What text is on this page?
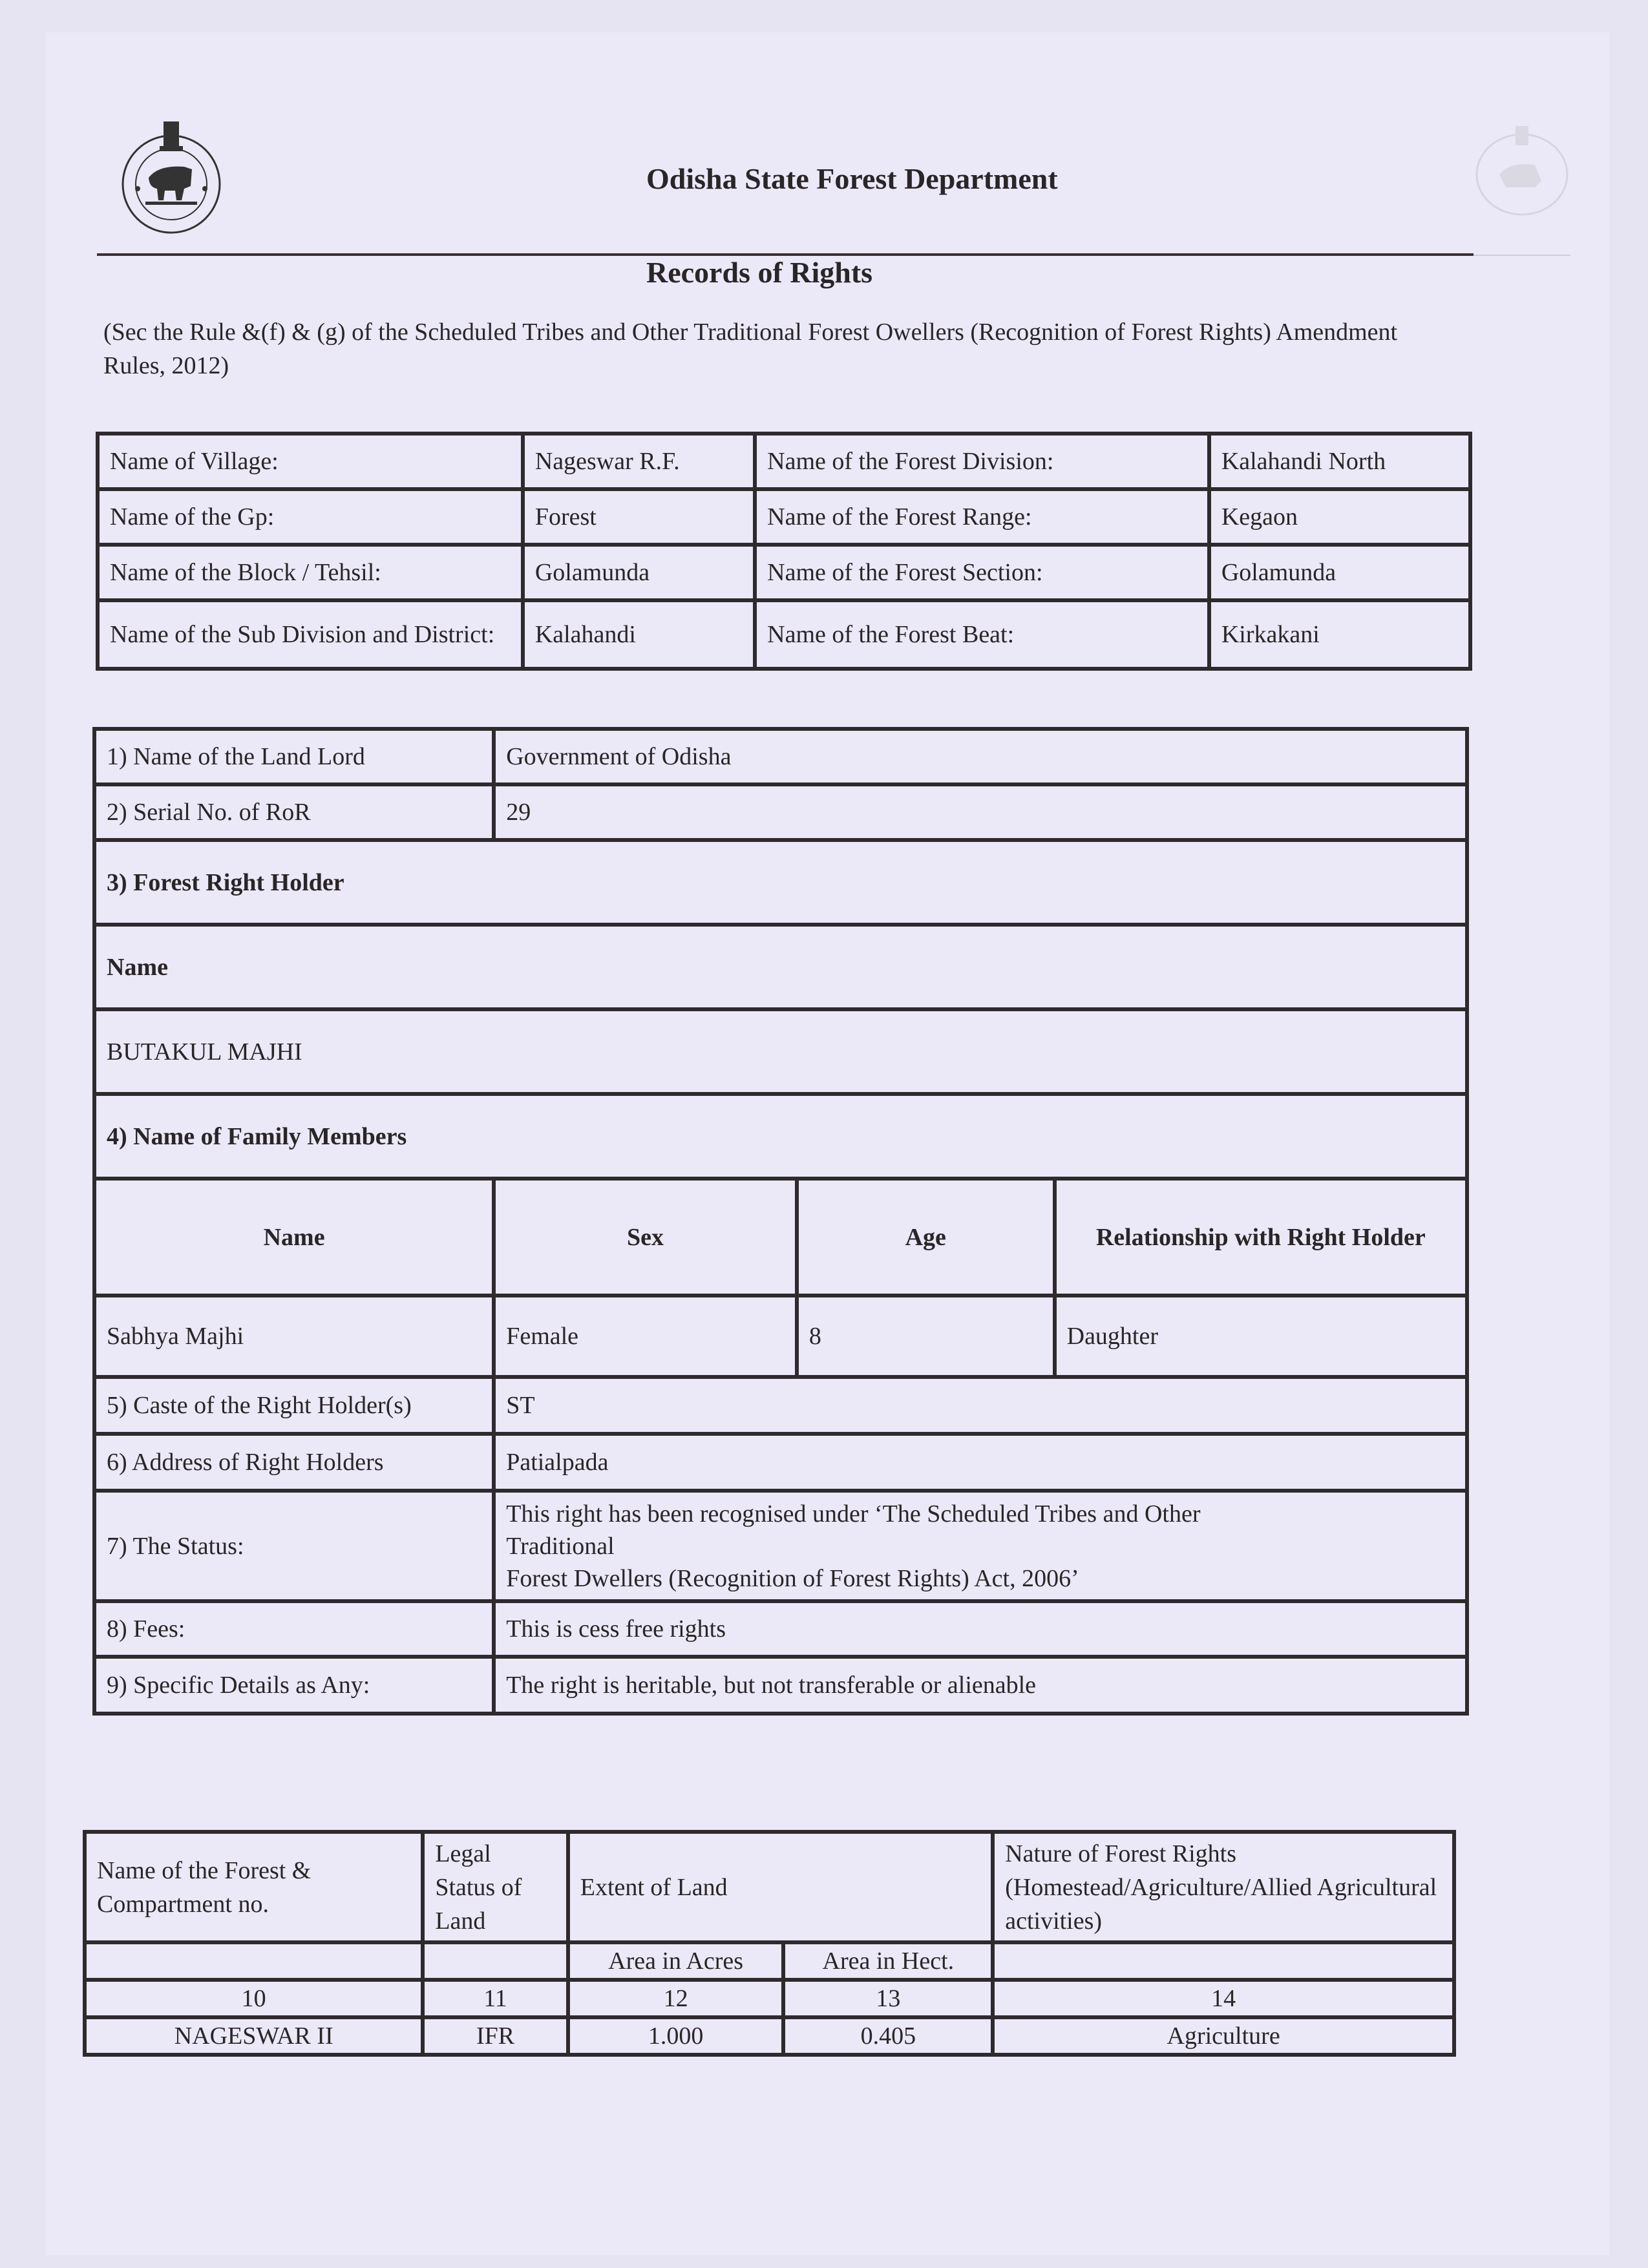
Odisha State Forest Department
Records of Rights
(Sec the Rule &(f) & (g) of the Scheduled Tribes and Other Traditional Forest Owellers (Recognition of Forest Rights) Amendment Rules, 2012)
Name of Village:	Nageswar R.F.	Name of the Forest Division:	Kalahandi North
Name of the Gp:	Forest	Name of the Forest Range:	Kegaon
Name of the Block / Tehsil:	Golamunda	Name of the Forest Section:	Golamunda
Name of the Sub Division and District:	Kalahandi	Name of the Forest Beat:	Kirkakani
1) Name of the Land Lord	Government of Odisha		
2) Serial No. of RoR	29		
3) Forest Right Holder			
Name			
BUTAKUL MAJHI			
4) Name of Family Members			
Name	Sex	Age	Relationship with Right Holder
Sabhya Majhi	Female	8	Daughter
5) Caste of the Right Holder(s)	ST		
6) Address of Right Holders	Patialpada		
7) The Status:	This right has been recognised under ‘The Scheduled Tribes and Other
Traditional
Forest Dwellers (Recognition of Forest Rights) Act, 2006’		

8) Fees:	This is cess free rights		
9) Specific Details as Any:	The right is heritable, but not transferable or alienable		
Name of the Forest & Compartment no.	Legal Status of Land	Extent of Land		Nature of Forest Rights (Homestead/Agriculture/Allied Agricultural activities)
		Area in Acres	Area in Hect.	
10	11	12	13	14
NAGESWAR II	IFR	1.000	0.405	Agriculture
